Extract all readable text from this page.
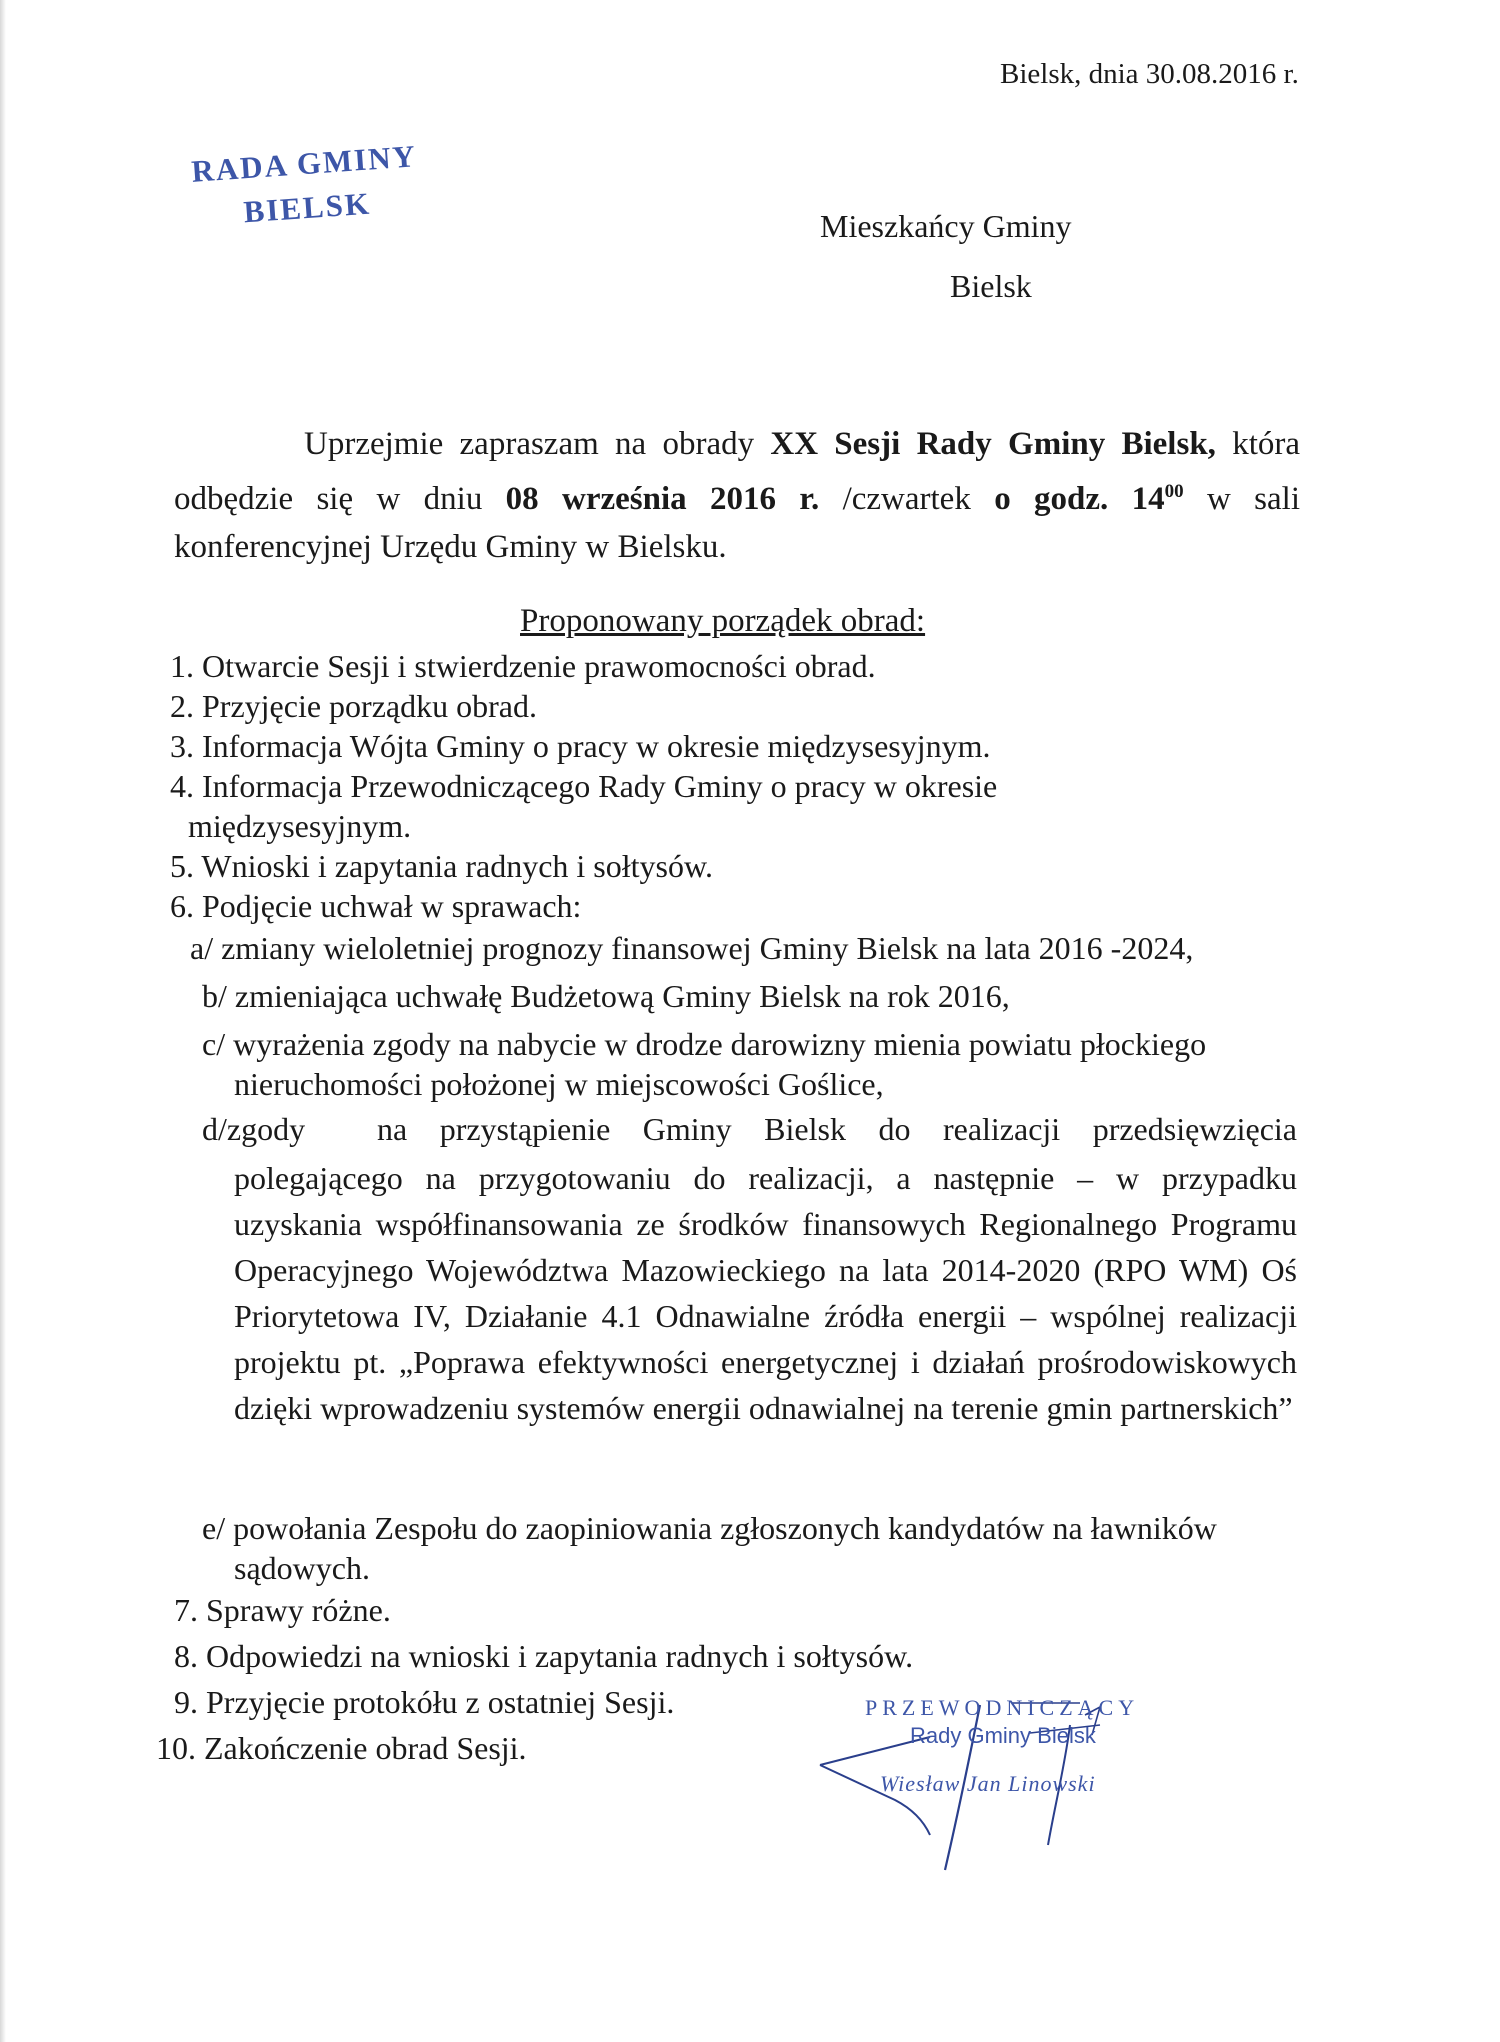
Bielsk, dnia 30.08.2016 r.
RADA GMINY
BIELSK	Mieszkańcy Gminy
Bielsk

Uprzejmie zapraszam na obrady XX Sesji Rady Gminy Bielsk, która odbędzie się w dniu 08 września 2016 r. /czwartek o godz. $14^{00}$ w sali konferencyjnej Urzędu Gminy w Bielsku.

Proponowany porządek obrad:
1. Otwarcie Sesji i stwierdzenie prawomocności obrad.
2. Przyjęcie porządku obrad.
3. Informacja Wójta Gminy o pracy w okresie międzysesyjnym.
4. Informacja Przewodniczącego Rady Gminy o pracy w okresie
międzysesyjnym.
5. Wnioski i zapytania radnych i sołtysów.
6. Podjęcie uchwał w sprawach:
a/ zmiany wieloletniej prognozy finansowej Gminy Bielsk na lata 2016 -2024,
b/ zmieniająca uchwałę Budżetową Gminy Bielsk na rok 2016,
c/ wyrażenia zgody na nabycie w drodze darowizny mienia powiatu płockiego
nieruchomości położonej w miejscowości Goślice,
d/zgody na przystąpienie Gminy Bielsk do realizacji przedsięwzięcia
polegającego na przygotowaniu do realizacji, a następnie – w przypadku uzyskania współfinansowania ze środków finansowych Regionalnego Programu Operacyjnego Województwa Mazowieckiego na lata 2014-2020 (RPO WM) Oś Priorytetowa IV, Działanie 4.1 Odnawialne źródła energii – wspólnej realizacji projektu pt. „Poprawa efektywności energetycznej i działań prośrodowiskowych dzięki wprowadzeniu systemów energii odnawialnej na terenie gmin partnerskich”
e/ powołania Zespołu do zaopiniowania zgłoszonych kandydatów na ławników
sądowych.
7. Sprawy różne.
8. Odpowiedzi na wnioski i zapytania radnych i sołtysów.
9. Przyjęcie protokółu z ostatniej Sesji.
10. Zakończenie obrad Sesji.
PRZEWODNICZĄCY
Rady Gminy Bielsk
Wiesław Jan Linowski
